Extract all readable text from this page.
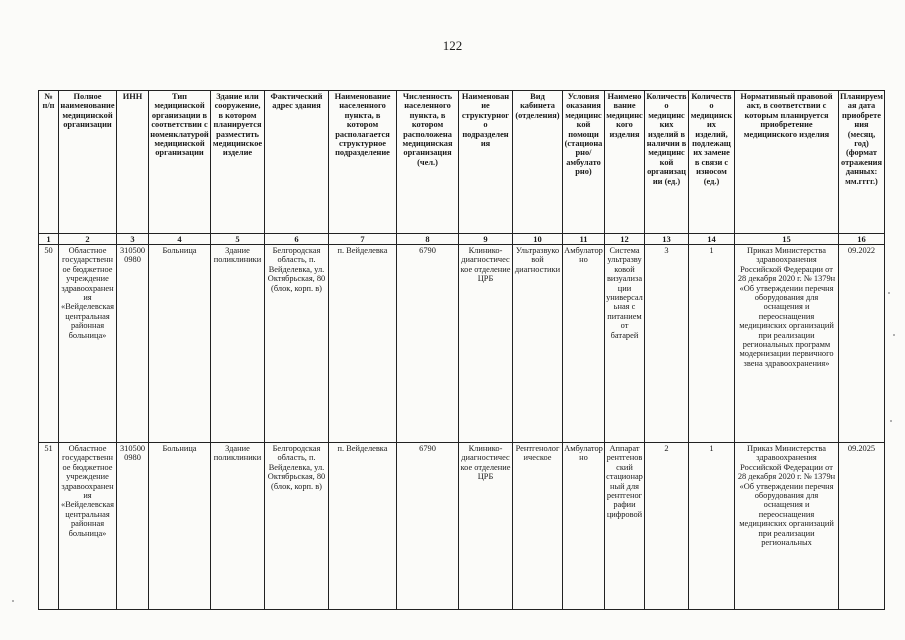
122
№ п/п	Полное наименование медицинской организации	ИНН	Тип медицинской организации в соответствии с номенклатурой медицинской организации	Здание или сооружение, в котором планируется разместить медицинское изделие	Фактический адрес здания	Наименование населенного пункта, в котором располагается структурное подразделение	Численность населенного пункта, в котором расположена медицинская организация (чел.)	Наименование структурного подразделения	Вид кабинета (отделения)	Условия оказания медицинской помощи (стационарно/амбулаторно)	Наименование медицинского изделия	Количество медицинских изделий в наличии в медицинской организации (ед.)	Количество медицинских изделий, подлежащих замене в связи с износом (ед.)	Нормативный правовой акт, в соответствии с которым планируется приобретение медицинского изделия	Планируемая дата приобретения (месяц, год) (формат отражения данных: мм.гггг.)
1	2	3	4	5	6	7	8	9	10	11	12	13	14	15	16
50	Областное государственное бюджетное учреждение здравоохранения «Вейделевская центральная районная больница»	3105000980	Больница	Здание поликлиники	Белгородская область, п. Вейделевка, ул. Октябрьская, 80 (блок, корп. в)	п. Вейделевка	6790	Клинико-диагностическое отделение ЦРБ	Ультразвуковой диагностики	Амбулаторно	Система ультразвуковой визуализации универсальная с питанием от батарей	3	1	Приказ Министерства здравоохранения Российской Федерации от 28 декабря 2020 г. № 1379н «Об утверждении перечня оборудования для оснащения и переоснащения медицинских организаций при реализации региональных программ модернизации первичного звена здравоохранения»	09.2022
51	Областное государственное бюджетное учреждение здравоохранения «Вейделевская центральная районная больница»	3105000980	Больница	Здание поликлиники	Белгородская область, п. Вейделевка, ул. Октябрьская, 80 (блок, корп. в)	п. Вейделевка	6790	Клинико-диагностическое отделение ЦРБ	Рентгенологическое	Амбулаторно	Аппарат рентгеновский стационарный для рентгенографии цифровой	2	1	Приказ Министерства здравоохранения Российской Федерации от 28 декабря 2020 г. № 1379н «Об утверждении перечня оборудования для оснащения и переоснащения медицинских организаций при реализации региональных	09.2025
